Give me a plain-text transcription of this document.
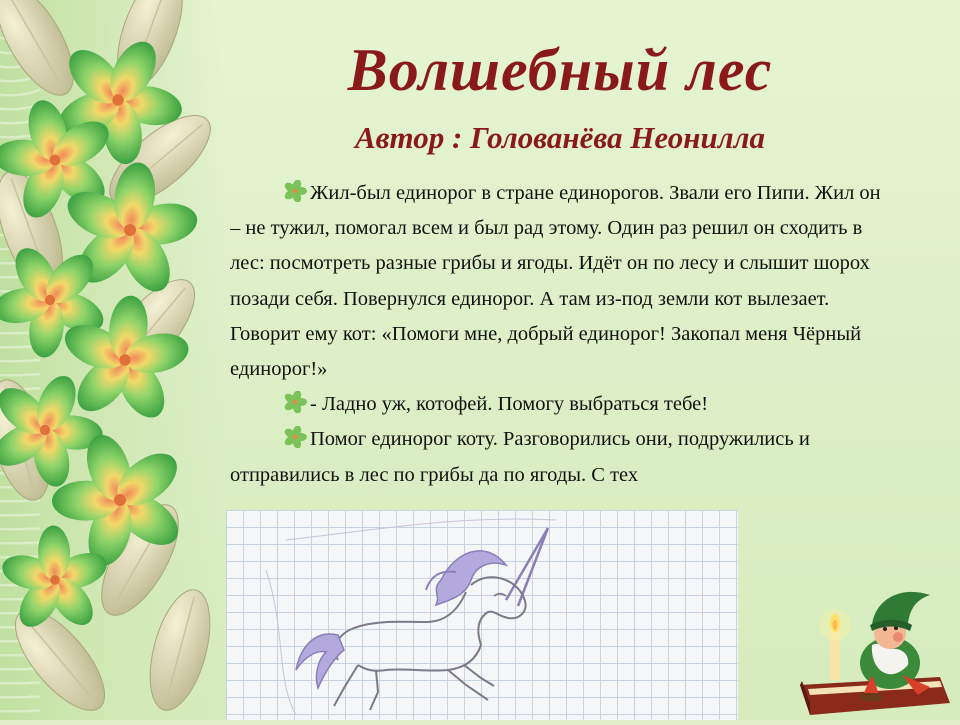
Волшебный лес
Автор : Голованёва Неонилла

Жил-был единорог в стране единорогов. Звали его Пипи. Жил он – не тужил, помогал всем и был рад этому. Один раз решил он сходить в лес: посмотреть разные грибы и ягоды. Идёт он по лесу и слышит шорох позади себя. Повернулся единорог. А там из-под земли кот вылезает. Говорит ему кот: «Помоги мне, добрый единорог! Закопал меня Чёрный единорог!»

- Ладно уж, котофей. Помогу выбраться тебе!

Помог единорог коту. Разговорились они, подружились и отправились в лес по грибы да по ягоды. С тех
